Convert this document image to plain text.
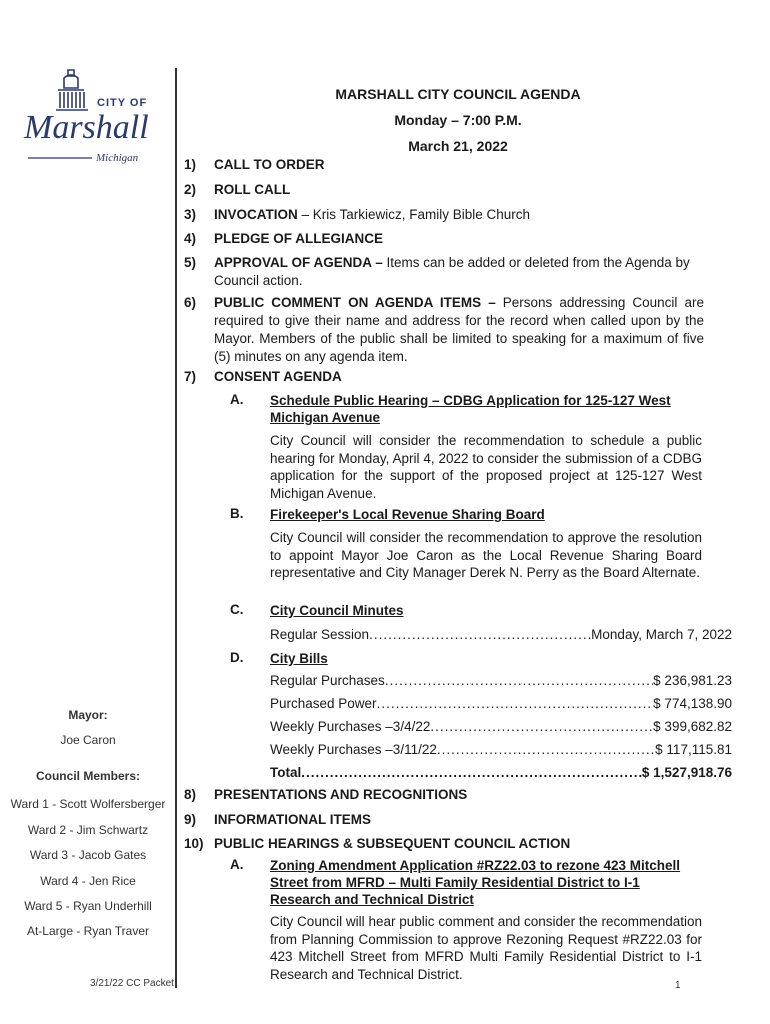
CITY OF
Marshall
Michigan
Mayor:
Joe Caron
Council Members:
Ward 1 - Scott Wolfersberger
Ward 2 - Jim Schwartz
Ward 3 - Jacob Gates
Ward 4 - Jen Rice
Ward 5 - Ryan Underhill
At-Large - Ryan Traver
MARSHALL CITY COUNCIL AGENDA
Monday – 7:00 P.M.
March 21, 2022
1) CALL TO ORDER
2) ROLL CALL
3) INVOCATION – Kris Tarkiewicz, Family Bible Church
4) PLEDGE OF ALLEGIANCE
5) APPROVAL OF AGENDA – Items can be added or deleted from the Agenda by Council action.
6) PUBLIC COMMENT ON AGENDA ITEMS – Persons addressing Council are required to give their name and address for the record when called upon by the Mayor. Members of the public shall be limited to speaking for a maximum of five (5) minutes on any agenda item.
7) CONSENT AGENDA
A. Schedule Public Hearing – CDBG Application for 125-127 West Michigan Avenue
City Council will consider the recommendation to schedule a public hearing for Monday, April 4, 2022 to consider the submission of a CDBG application for the support of the proposed project at 125-127 West Michigan Avenue.
B. Firekeeper's Local Revenue Sharing Board
City Council will consider the recommendation to approve the resolution to appoint Mayor Joe Caron as the Local Revenue Sharing Board representative and City Manager Derek N. Perry as the Board Alternate.
C. City Council Minutes
Regular Session .....	Monday, March 7, 2022
D. City Bills
Regular Purchases .....	$ 236,981.23
Purchased Power .....	$ 774,138.90
Weekly Purchases –3/4/22 .....	$ 399,682.82
Weekly Purchases –3/11/22 .....	$ 117,115.81
Total .....	$ 1,527,918.76
8) PRESENTATIONS AND RECOGNITIONS
9) INFORMATIONAL ITEMS
10) PUBLIC HEARINGS & SUBSEQUENT COUNCIL ACTION
A. Zoning Amendment Application #RZ22.03 to rezone 423 Mitchell Street from MFRD – Multi Family Residential District to I-1 Research and Technical District
City Council will hear public comment and consider the recommendation from Planning Commission to approve Rezoning Request #RZ22.03 for 423 Mitchell Street from MFRD Multi Family Residential District to I-1 Research and Technical District.
3/21/22 CC Packet	1
